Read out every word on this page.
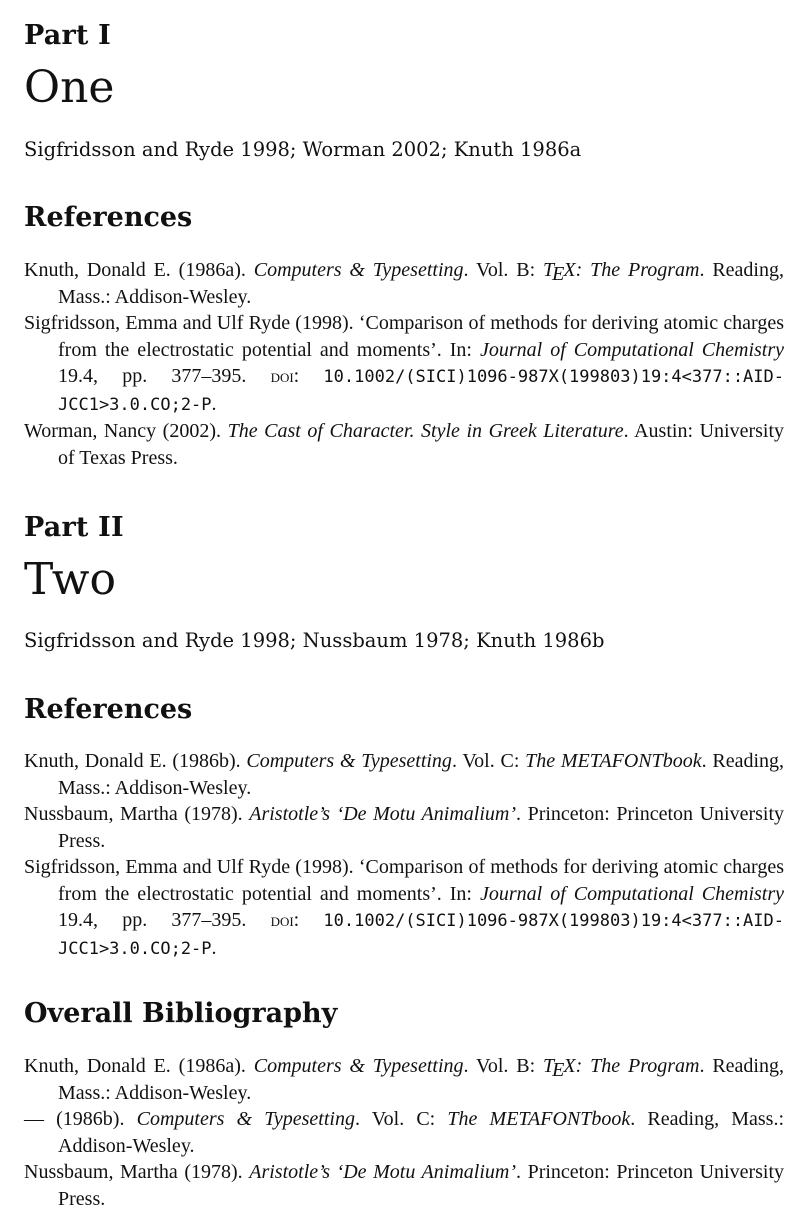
Part I
One

Sigfridsson and Ryde 1998; Worman 2002; Knuth 1986a

References
Knuth, Donald E. (1986a). Computers & Typesetting. Vol. B: TEX: The Program. Reading, Mass.: Addison-Wesley.
Sigfridsson, Emma and Ulf Ryde (1998). ‘Comparison of methods for deriving atomic charges from the electrostatic potential and moments’. In: Journal of Computational Chemistry 19.4, pp. 377–395. doi: 10.1002/(SICI)1096-987X(199803)19:4<377::AID-JCC1>3.0.CO;2-P.
Worman, Nancy (2002). The Cast of Character. Style in Greek Literature. Austin: University of Texas Press.
Part II
Two

Sigfridsson and Ryde 1998; Nussbaum 1978; Knuth 1986b

References
Knuth, Donald E. (1986b). Computers & Typesetting. Vol. C: The METAFONTbook. Reading, Mass.: Addison-Wesley.
Nussbaum, Martha (1978). Aristotle’s ‘De Motu Animalium’. Princeton: Princeton University Press.
Sigfridsson, Emma and Ulf Ryde (1998). ‘Comparison of methods for deriving atomic charges from the electrostatic potential and moments’. In: Journal of Computational Chemistry 19.4, pp. 377–395. doi: 10.1002/(SICI)1096-987X(199803)19:4<377::AID-JCC1>3.0.CO;2-P.
Overall Bibliography
Knuth, Donald E. (1986a). Computers & Typesetting. Vol. B: TEX: The Program. Reading, Mass.: Addison-Wesley.
— (1986b). Computers & Typesetting. Vol. C: The METAFONTbook. Reading, Mass.: Addison-Wesley.
Nussbaum, Martha (1978). Aristotle’s ‘De Motu Animalium’. Princeton: Princeton University Press.
